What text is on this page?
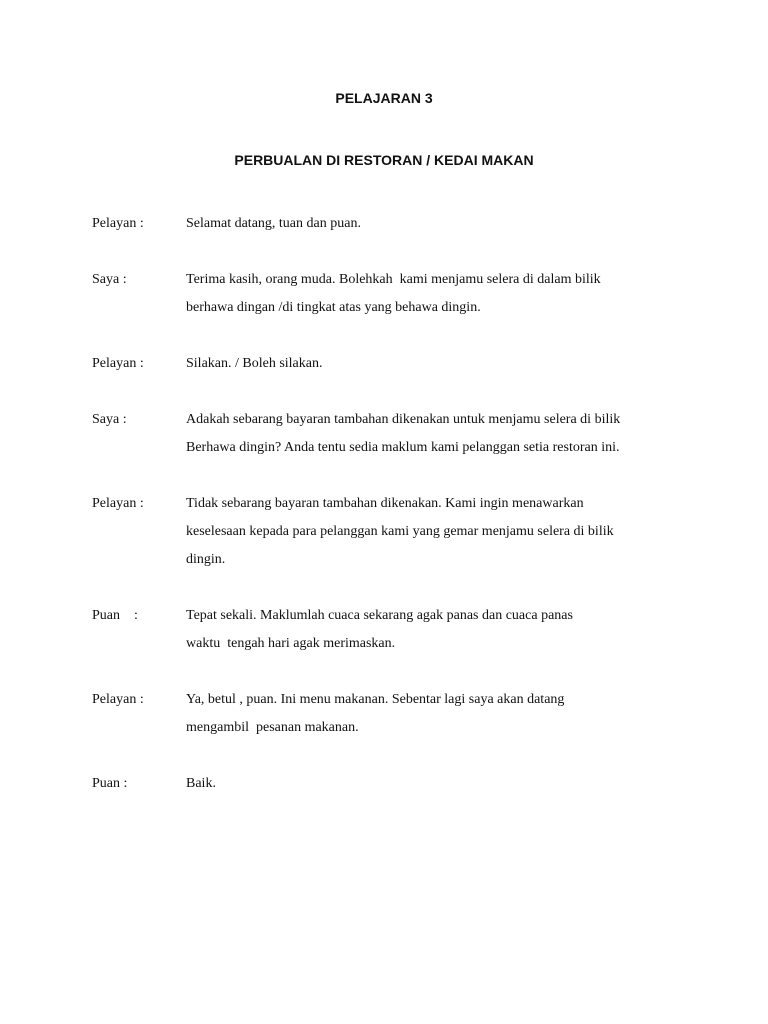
PELAJARAN 3
PERBUALAN DI RESTORAN / KEDAI MAKAN
Pelayan :	Selamat datang, tuan dan puan.
Saya :	Terima kasih, orang muda. Bolehkah  kami menjamu selera di dalam bilik
berhawa dingan /di tingkat atas yang behawa dingin.
Pelayan :	Silakan. / Boleh silakan.
Saya :	Adakah sebarang bayaran tambahan dikenakan untuk menjamu selera di bilik
Berhawa dingin? Anda tentu sedia maklum kami pelanggan setia restoran ini.
Pelayan :	Tidak sebarang bayaran tambahan dikenakan. Kami ingin menawarkan
keselesaan kepada para pelanggan kami yang gemar menjamu selera di bilik
dingin.
Puan    :	Tepat sekali. Maklumlah cuaca sekarang agak panas dan cuaca panas
waktu  tengah hari agak merimaskan.
Pelayan :	Ya, betul , puan. Ini menu makanan. Sebentar lagi saya akan datang
mengambil  pesanan makanan.
Puan :	Baik.
